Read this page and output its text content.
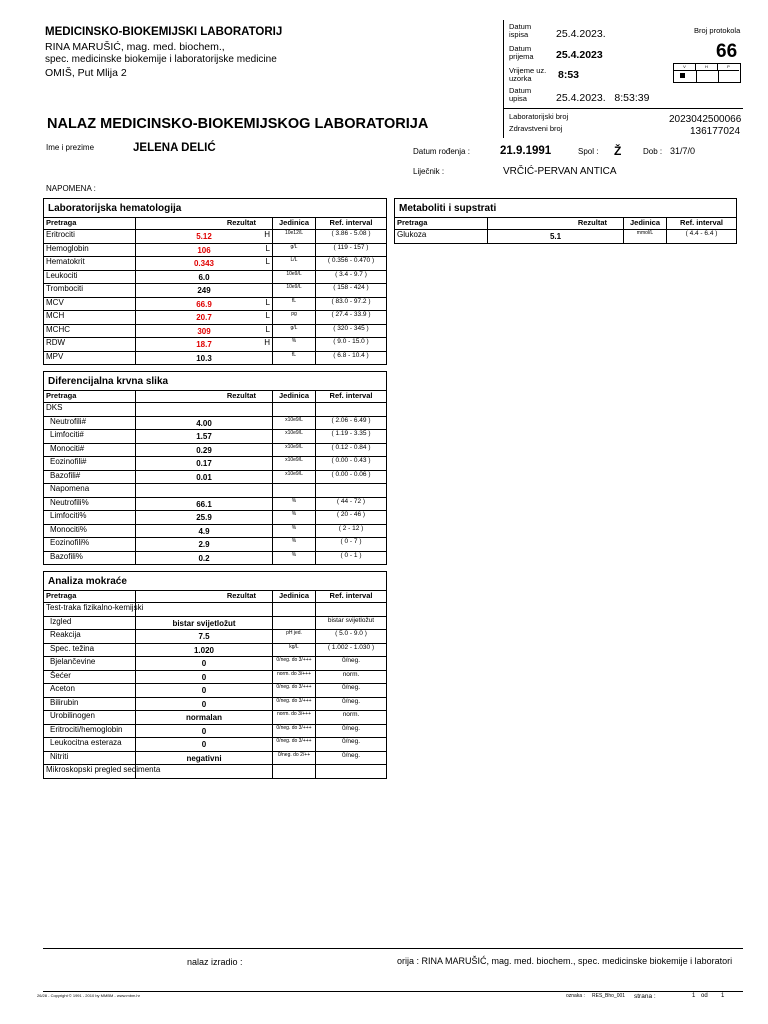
MEDICINSKO-BIOKEMIJSKI LABORATORIJ
RINA MARUŠIĆ, mag. med. biochem.,
spec. medicinske biokemije i laboratorijske medicine
OMIŠ, Put Mlija 2
Datum ispisa	25.4.2023.
Datum prijema	25.4.2023
Vrijeme uz. uzorka	8:53
Datum upisa	25.4.2023.   8:53:39
Broj protokola
66
V	H	P
Laboratorijski broj	2023042500066
Zdravstveni broj	136177024
NALAZ MEDICINSKO-BIOKEMIJSKOG LABORATORIJA
Ime i prezime	JELENA DELIĆ	Datum rođenja :	21.9.1991	Spol : Ž	Dob : 31/7/0
Liječnik :	VRČIĆ-PERVAN ANTICA
NAPOMENA :
Laboratorijska hematologija			
Pretraga	Rezultat	Jedinica	Ref. interval
Eritrociti	5.12 H	10e12/L	( 3.86 - 5.08 )
Hemoglobin	106 L	g/L	( 119 - 157 )
Hematokrit	0.343 L	L/L	( 0.356 - 0.470 )
Leukociti	6.0	10e9/L	( 3.4 - 9.7 )
Trombociti	249	10e9/L	( 158 - 424 )
MCV	66.9 L	fL	( 83.0 - 97.2 )
MCH	20.7 L	pg	( 27.4 - 33.9 )
MCHC	309 L	g/L	( 320 - 345 )
RDW	18.7 H	%	( 9.0 - 15.0 )
MPV	10.3	fL	( 6.8 - 10.4 )
Diferencijalna krvna slika			
Pretraga	Rezultat	Jedinica	Ref. interval
DKS	

Neutrofili#	4.00	x10e9/L	( 2.06 - 6.49 )
Limfociti#	1.57	x10e9/L	( 1.19 - 3.35 )
Monociti#	0.29	x10e9/L	( 0.12 - 0.84 )
Eozinofili#	0.17	x10e9/L	( 0.00 - 0.43 )
Bazofili#	0.01	x10e9/L	( 0.00 - 0.06 )
Napomena	

Neutrofili%	66.1	%	( 44 - 72 )
Limfociti%	25.9	%	( 20 - 46 )
Monociti%	4.9	%	( 2 - 12 )
Eozinofili%	2.9	%	( 0 - 7 )
Bazofili%	0.2	%	( 0 - 1 )
Analiza mokraće			
Pretraga	Rezultat	Jedinica	Ref. interval
Test-traka fizikalno-kemijski	

Izgled	bistar svijetložut		bistar svijetložut
Reakcija	7.5	pH jed.	( 5.0 - 9.0 )
Spec. težina	1.020	kg/L	( 1.002 - 1.030 )
Bjelančevine	0	0/neg. do 3/+++	0/neg.
Šećer	0	norm. do 3/+++	norm.
Aceton	0	0/neg. do 3/+++	0/neg.
Bilirubin	0	0/neg. do 3/+++	0/neg.
Urobilinogen	normalan	norm. do 3/+++	norm.
Eritrociti/hemoglobin	0	0/neg. do 3/+++	0/neg.
Leukocitna esteraza	0	0/neg. do 3/+++	0/neg.
Nitriti	negativni	0/neg. do 2/++	0/neg.
Mikroskopski pregled sedimenta	

Metaboliti i supstrati			
Pretraga	Rezultat	Jedinica	Ref. interval
Glukoza	5.1	mmol/L	( 4.4 - 6.4 )
nalaz izradio :	orija : RINA MARUŠIĆ, mag. med. biochem., spec. medicinske biokemije i laboratori
26/28 - Copyright © 1991 - 2010 by MMBM - www.mbm.hr	oznaka : RES_Bho_001 strana :	1 od 1
